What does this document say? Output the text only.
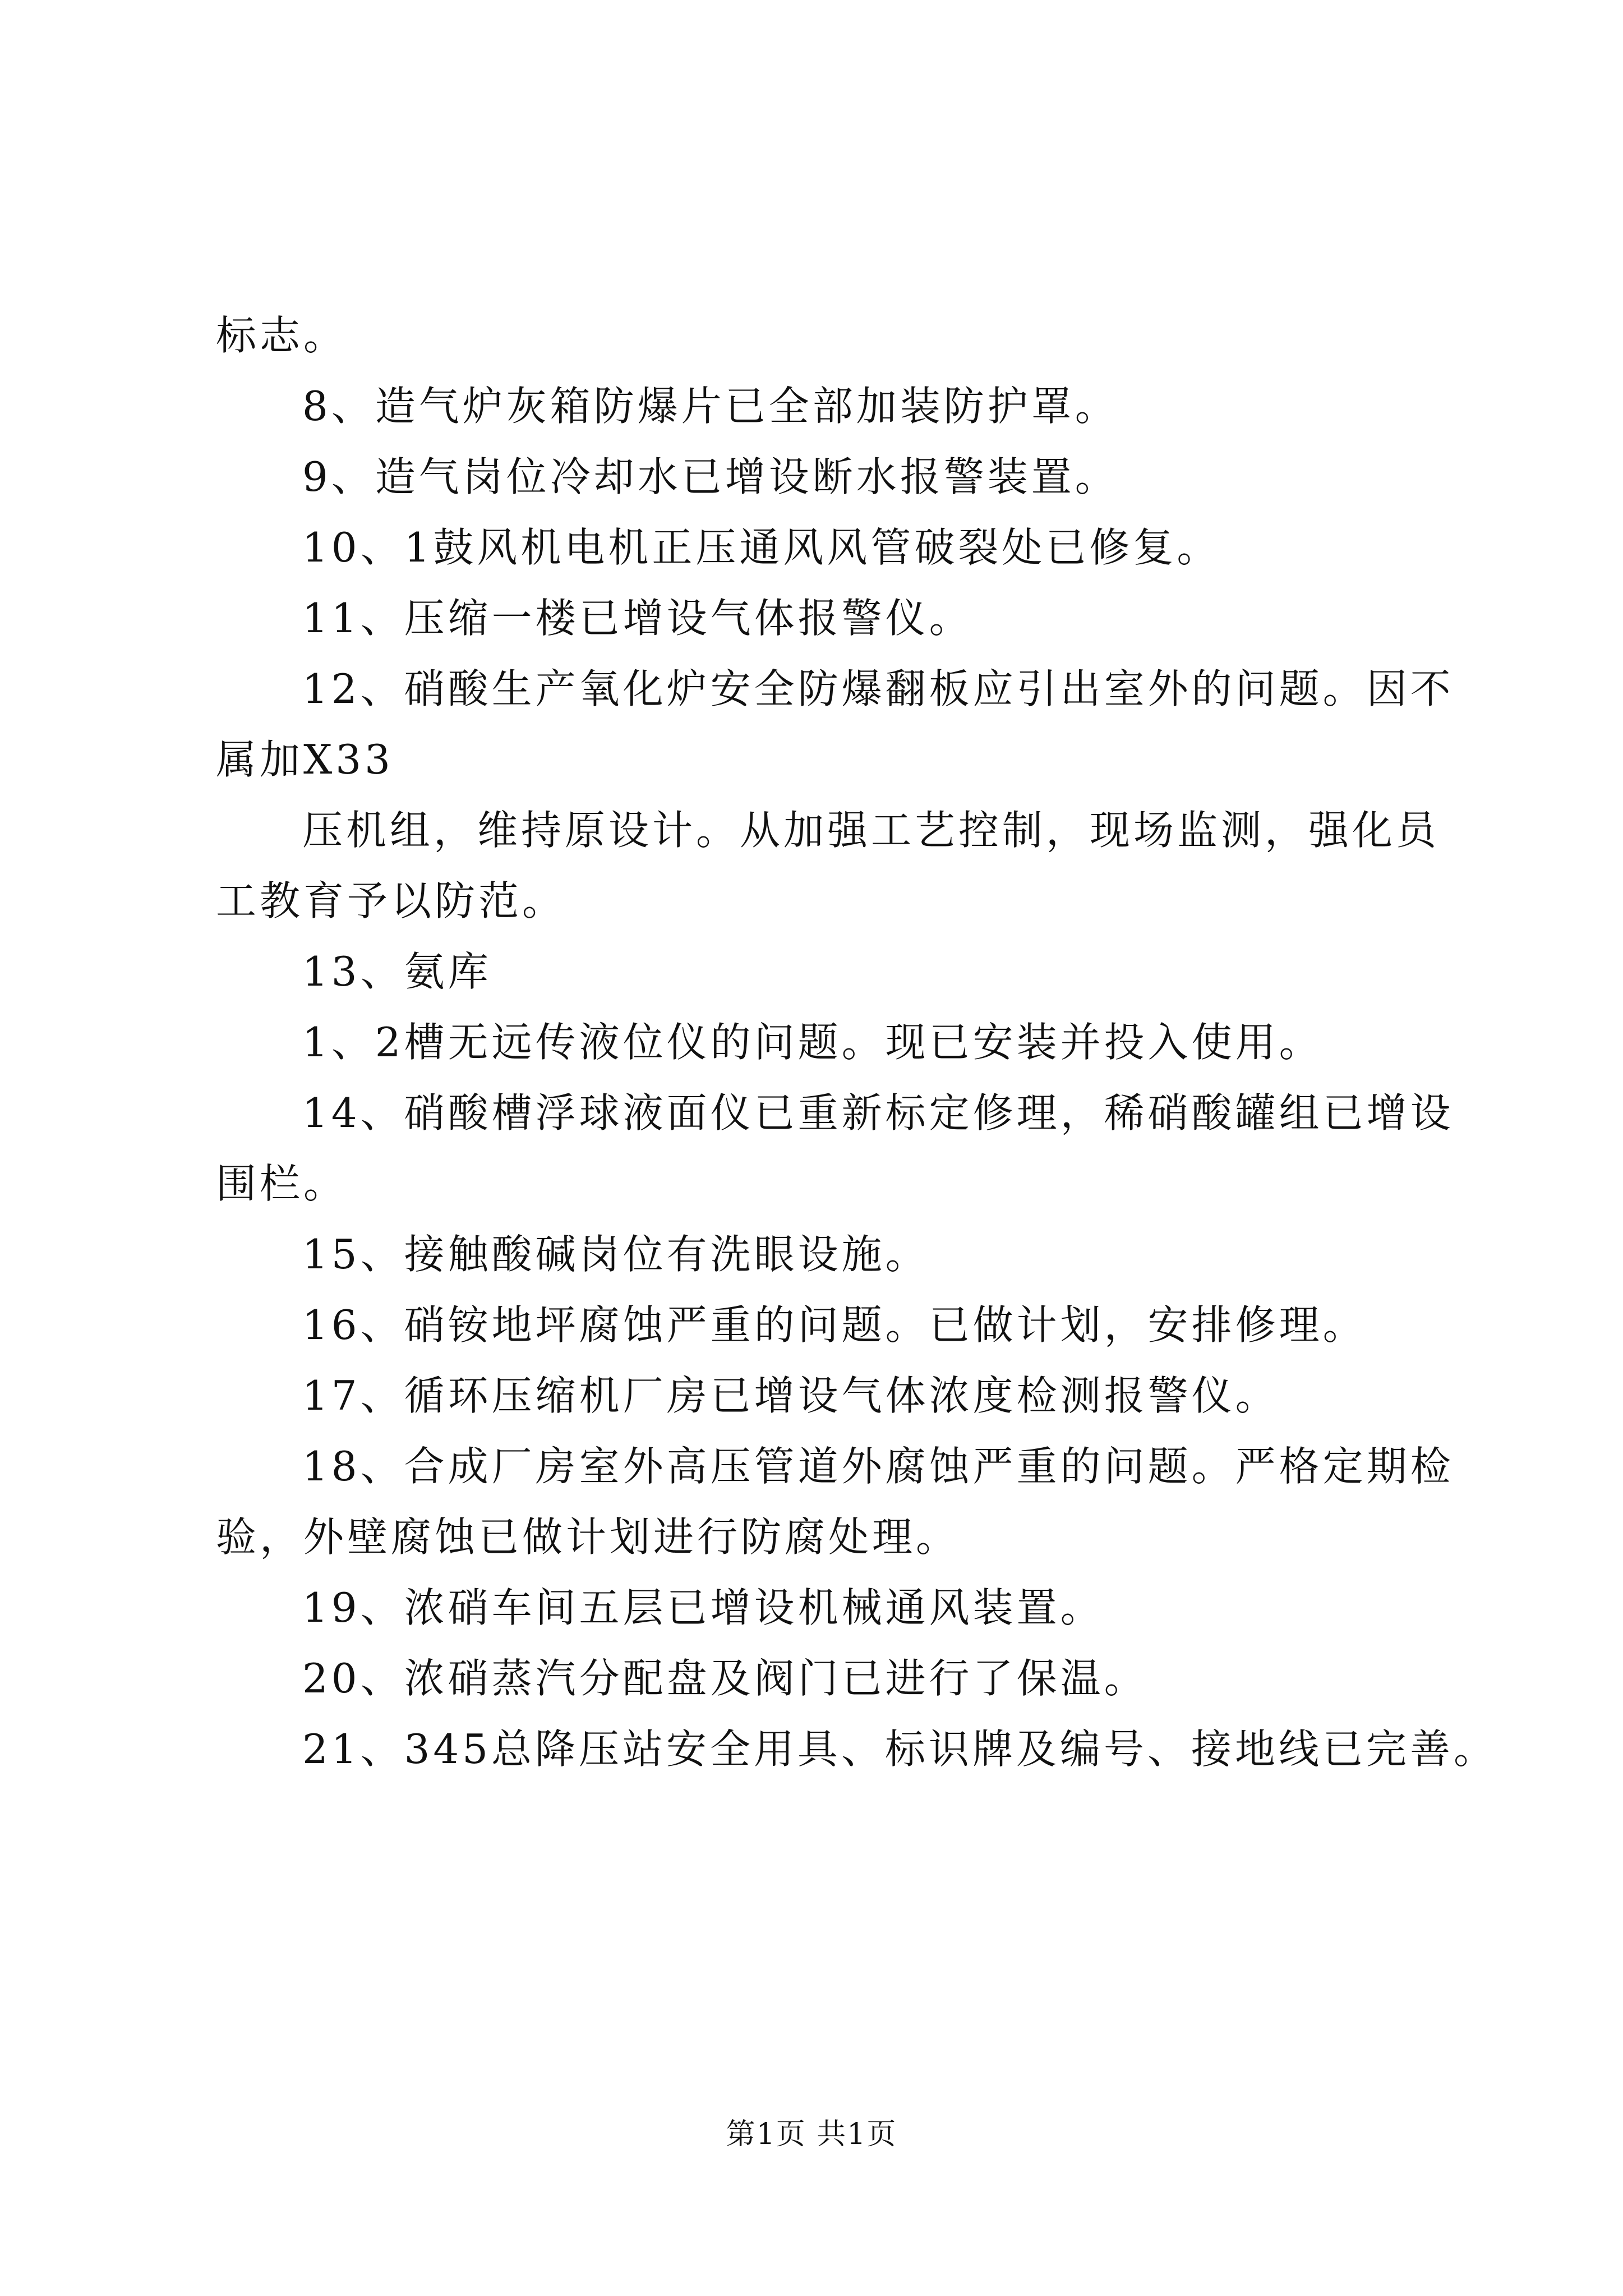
标志。
8、造气炉灰箱防爆片已全部加装防护罩。
9、造气岗位冷却水已增设断水报警装置。
10、1鼓风机电机正压通风风管破裂处已修复。
11、压缩一楼已增设气体报警仪。
12、硝酸生产氧化炉安全防爆翻板应引出室外的问题。因不
属加X33
压机组，维持原设计。从加强工艺控制，现场监测，强化员
工教育予以防范。
13、氨库
1、2槽无远传液位仪的问题。现已安装并投入使用。
14、硝酸槽浮球液面仪已重新标定修理，稀硝酸罐组已增设
围栏。
15、接触酸碱岗位有洗眼设施。
16、硝铵地坪腐蚀严重的问题。已做计划，安排修理。
17、循环压缩机厂房已增设气体浓度检测报警仪。
18、合成厂房室外高压管道外腐蚀严重的问题。严格定期检
验，外壁腐蚀已做计划进行防腐处理。
19、浓硝车间五层已增设机械通风装置。
20、浓硝蒸汽分配盘及阀门已进行了保温。
21、345总降压站安全用具、标识牌及编号、接地线已完善。
第1页 共1页
